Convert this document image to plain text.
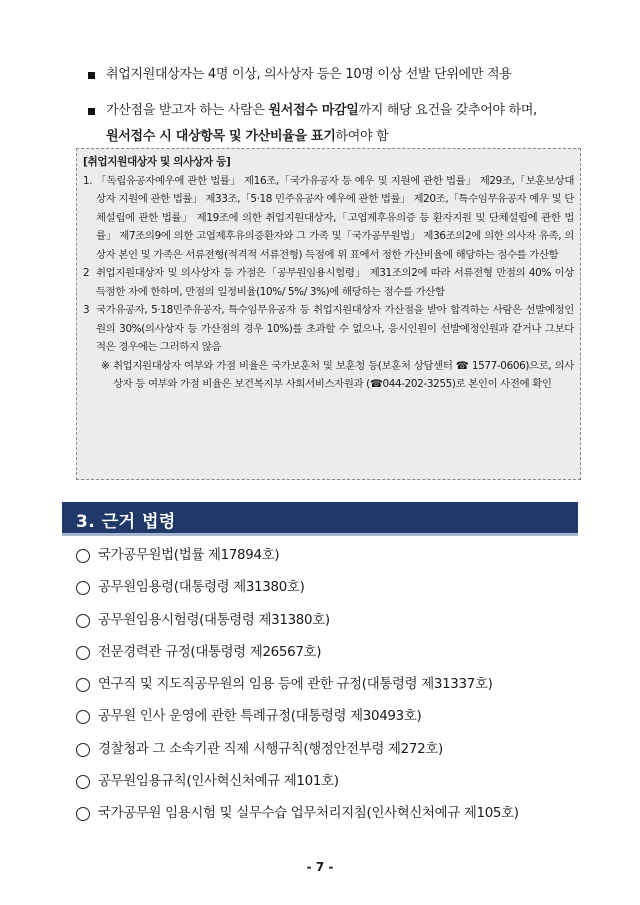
취업지원대상자는 4명 이상, 의사상자 등은 10명 이상 선발 단위에만 적용
가산점을 받고자 하는 사람은 원서접수 마감일까지 해당 요건을 갖추어야 하며,
원서접수 시 대상항목 및 가산비율을 표기하여야 함
[취업지원대상자 및 의사상자 등]
1. 「독립유공자예우에 관한 법률」 제16조,「국가유공자 등 예우 및 지원에 관한 법률」 제29조,「보훈보상대상자 지원에 관한 법률」 제33조,「5·18 민주유공자 예우에 관한 법률」 제20조,「특수임무유공자 예우 및 단체설립에 관한 법률」 제19조에 의한 취업지원대상자,「고엽제후유의증 등 환자지원 및 단체설립에 관한 법률」 제7조의9에 의한 고엽제후유의증환자와 그 가족 및「국가공무원법」 제36조의2에 의한 의사자 유족, 의상자 본인 및 가족은 서류전형(적격적 서류전형) 득점에 위 표에서 정한 가산비율에 해당하는 점수를 가산함
2 취업지원대상자 및 의사상자 등 가점은「공무원임용시험령」 제31조의2에 따라 서류전형 만점의 40% 이상 득점한 자에 한하며, 만점의 일정비율(10%/ 5%/ 3%)에 해당하는 점수를 가산함
3 국가유공자, 5·18민주유공자, 특수임무유공자 등 취업지원대상자 가산점을 받아 합격하는 사람은 선발예정인원의 30%(의사상자 등 가산점의 경우 10%)를 초과할 수 없으나, 응시인원이 선발예정인원과 같거나 그보다 적은 경우에는 그러하지 않음
※ 취업지원대상자 여부와 가점 비율은 국가보훈처 및 보훈청 등(보훈처 상담센터 ☎ 1577-0606)으로, 의사상자 등 여부와 가점 비율은 보건복지부 사회서비스자원과 (☎044-202-3255)로 본인이 사전에 확인
3. 근거 법령
국가공무원법(법률 제17894호)
공무원임용령(대통령령 제31380호)
공무원임용시험령(대통령령 제31380호)
전문경력관 규정(대통령령 제26567호)
연구직 및 지도직공무원의 임용 등에 관한 규정(대통령령 제31337호)
공무원 인사 운영에 관한 특례규정(대통령령 제30493호)
경찰청과 그 소속기관 직제 시행규칙(행정안전부령 제272호)
공무원임용규칙(인사혁신처예규 제101호)
국가공무원 임용시험 및 실무수습 업무처리지침(인사혁신처예규 제105호)
- 7 -
